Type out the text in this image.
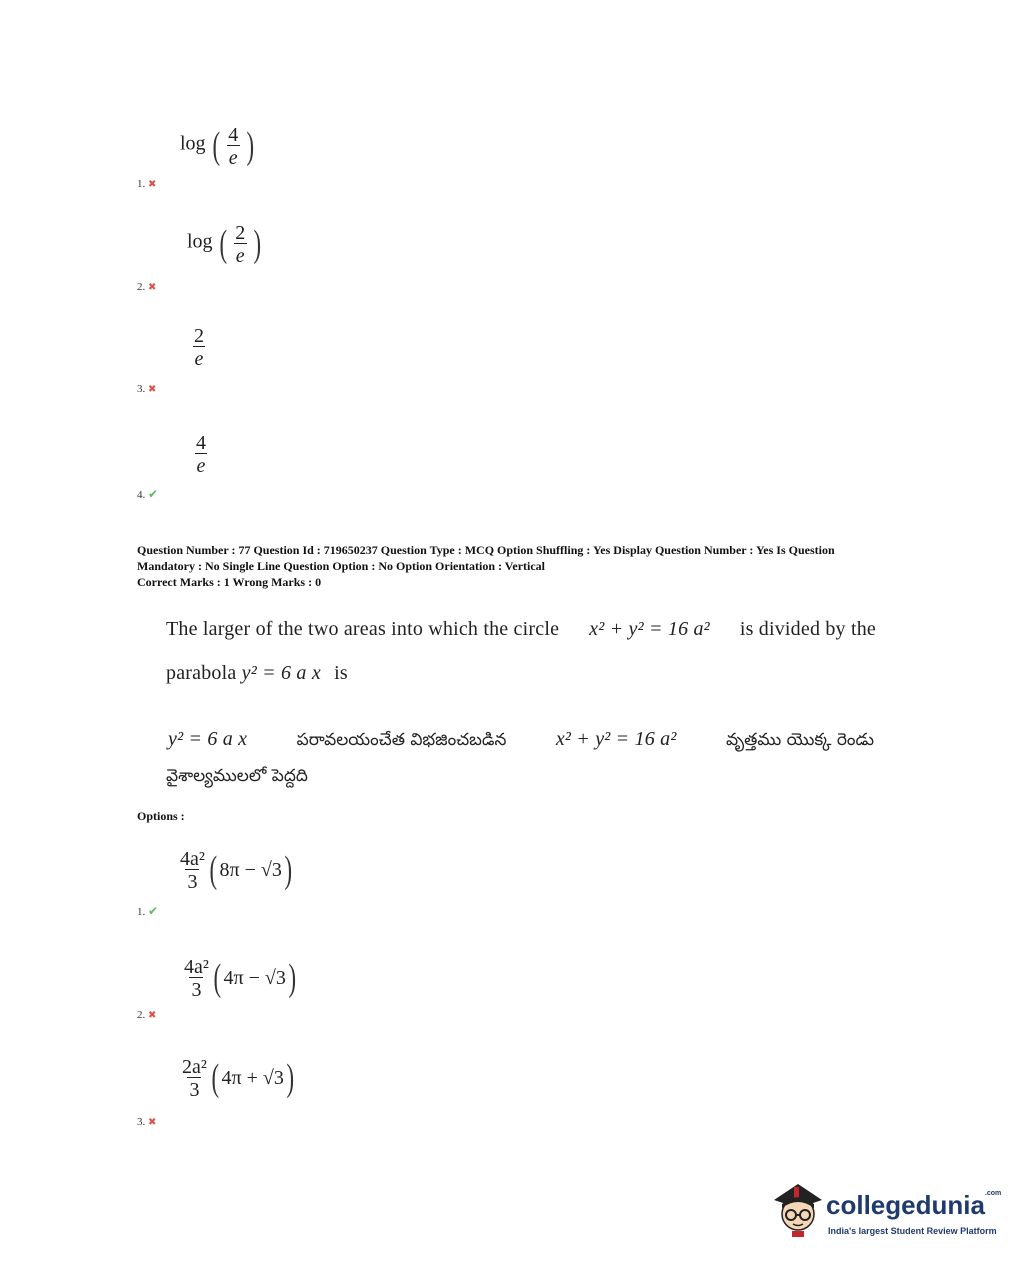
log ( $\frac{4}{e}$ )
1. ✖
log ( $\frac{2}{e}$ )
2. ✖
$\frac{2}{e}$
3. ✖
$\frac{4}{e}$
4. ✔
Question Number : 77 Question Id : 719650237 Question Type : MCQ Option Shuffling : Yes Display Question Number : Yes Is Question
Mandatory : No Single Line Question Option : No Option Orientation : Vertical
Correct Marks : 1 Wrong Marks : 0
The larger of the two areas into which the circle x² + y² = 16 a² is divided by the
parabola y² = 6 a x is
y² = 6 a x	పరావలయంచేత విభజించబడిన x² + y² = 16 a²	వృత్తము యొక్క రెండు
వైశాల్యములలో పెద్దది
Options :
$\frac{\text{4a²}}{3}$ ( 8π − √3 )
1. ✔
$\frac{\text{4a²}}{3}$ ( 4π − √3 )
2. ✖
$\frac{\text{2a²}}{3}$ ( 4π + √3 )
3. ✖
collegedunia$^{.com}$
India's largest Student Review Platform
